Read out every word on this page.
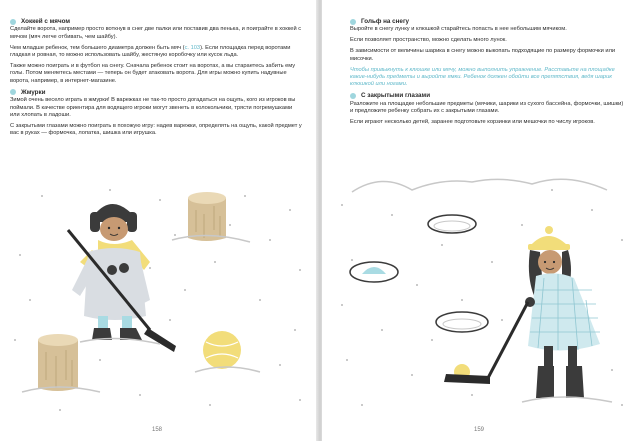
Хоккей с мячом

Сделайте ворота, например просто воткнув в снег две палки или поставив два пенька, и поиграйте в хоккей с мячом (мяч легче отбивать, чем шайбу).

Чем младше ребенок, тем большего диаметра должен быть мяч (с. 103). Если площадка перед воротами гладкая и ровная, то можно использовать шайбу, жестяную коробочку или кусок льда.

Также можно поиграть и в футбол на снегу. Сначала ребенок стоит на воротах, а вы стараетесь забить ему голы. Потом меняетесь местами — теперь он будет атаковать ворота. Для игры можно купить надувные ворота, например, в интернет-магазине.

Жмурки

Зимой очень весело играть в жмурки! В варежках не так-то просто догадаться на ощупь, кого из игроков вы поймали. В качестве ориентира для водящего игроки могут звенеть в колокольчики, трясти погремушками или хлопать в ладоши.

С закрытыми глазами можно поиграть в похожую игру: надев варежки, определять на ощупь, какой предмет у вас в руках — формочка, лопатка, шишка или игрушка.

158
Гольф на снегу

Выройте в снегу лунку и клюшкой старайтесь попасть в нее небольшим мячиком.

Если позволяет пространство, можно сделать много лунок.

В зависимости от величины шарика в снегу можно выкопать подходящие по размеру формочки или мисочки.

Чтобы привыкнуть к клюшке или мячу, можно выполнить упражнение. Расставьте на площадке какие-нибудь предметы и выройте ямки. Ребенок должен обойти все препятствия, ведя шарик клюшкой или ногами.

С закрытыми глазами

Разложите на площадке небольшие предметы (мячики, шарики из сухого бассейна, формочки, шишки) и предложите ребенку собрать их с закрытыми глазами.

Если играют несколько детей, заранее подготовьте корзинки или мешочки по числу игроков.

159
